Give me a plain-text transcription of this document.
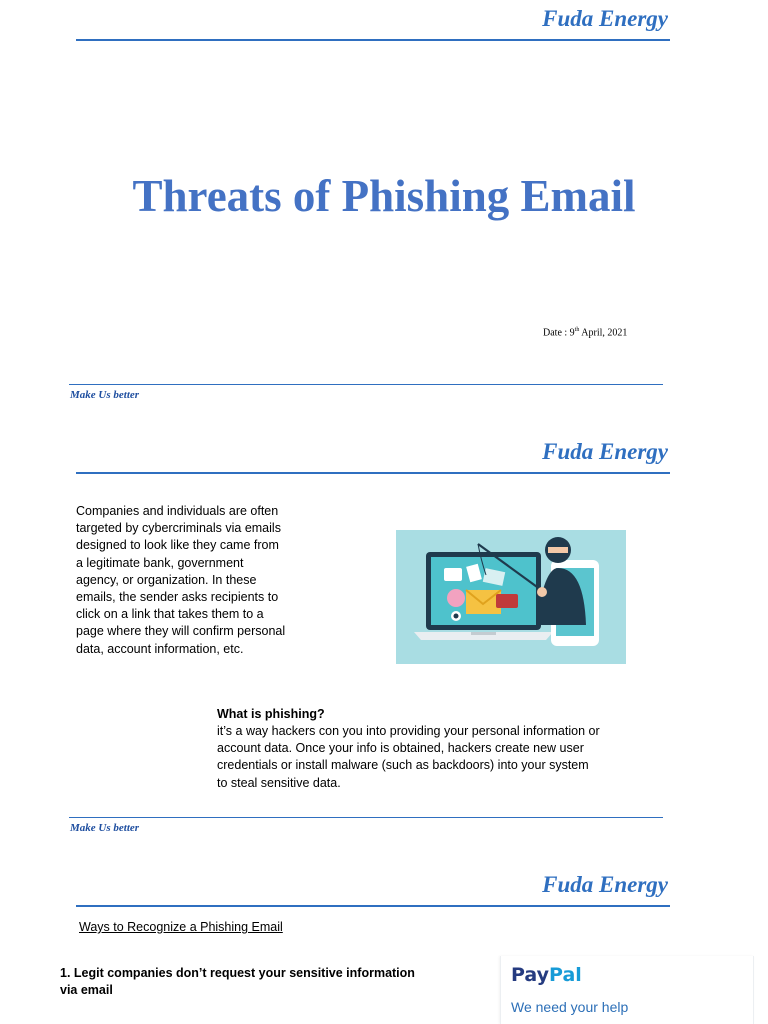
Fuda Energy
Threats of Phishing Email
Date : 9th April, 2021
Make Us better
Fuda Energy
Companies and individuals are often targeted by cybercriminals via emails designed to look like they came from a legitimate bank, government agency, or organization. In these emails, the sender asks recipients to click on a link that takes them to a page where they will confirm personal data, account information, etc.
What is phishing?
it’s a way hackers con you into providing your personal information or account data. Once your info is obtained, hackers create new user credentials or install malware (such as backdoors) into your system to steal sensitive data.
Make Us better
Fuda Energy
Ways to Recognize a Phishing Email
1. Legit companies don’t request your sensitive information via email
PayPal
We need your help
